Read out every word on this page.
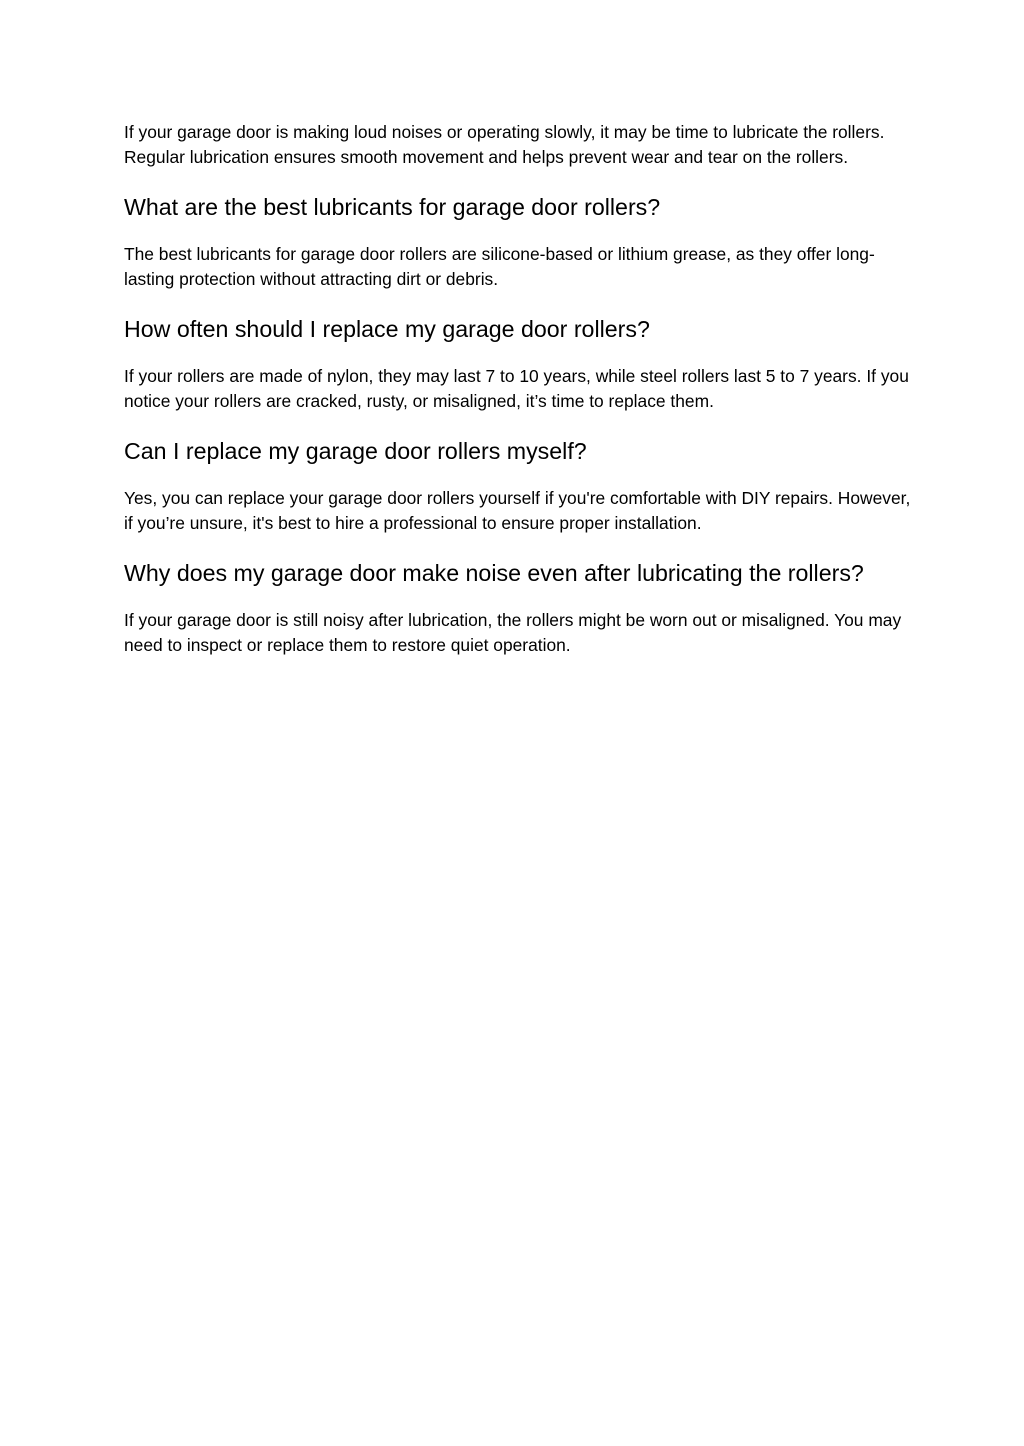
If your garage door is making loud noises or operating slowly, it may be time to lubricate the rollers. Regular lubrication ensures smooth movement and helps prevent wear and tear on the rollers.

What are the best lubricants for garage door rollers?

The best lubricants for garage door rollers are silicone-based or lithium grease, as they offer long-lasting protection without attracting dirt or debris.

How often should I replace my garage door rollers?

If your rollers are made of nylon, they may last 7 to 10 years, while steel rollers last 5 to 7 years. If you notice your rollers are cracked, rusty, or misaligned, it’s time to replace them.

Can I replace my garage door rollers myself?

Yes, you can replace your garage door rollers yourself if you're comfortable with DIY repairs. However, if you’re unsure, it's best to hire a professional to ensure proper installation.

Why does my garage door make noise even after lubricating the rollers?

If your garage door is still noisy after lubrication, the rollers might be worn out or misaligned. You may need to inspect or replace them to restore quiet operation.
